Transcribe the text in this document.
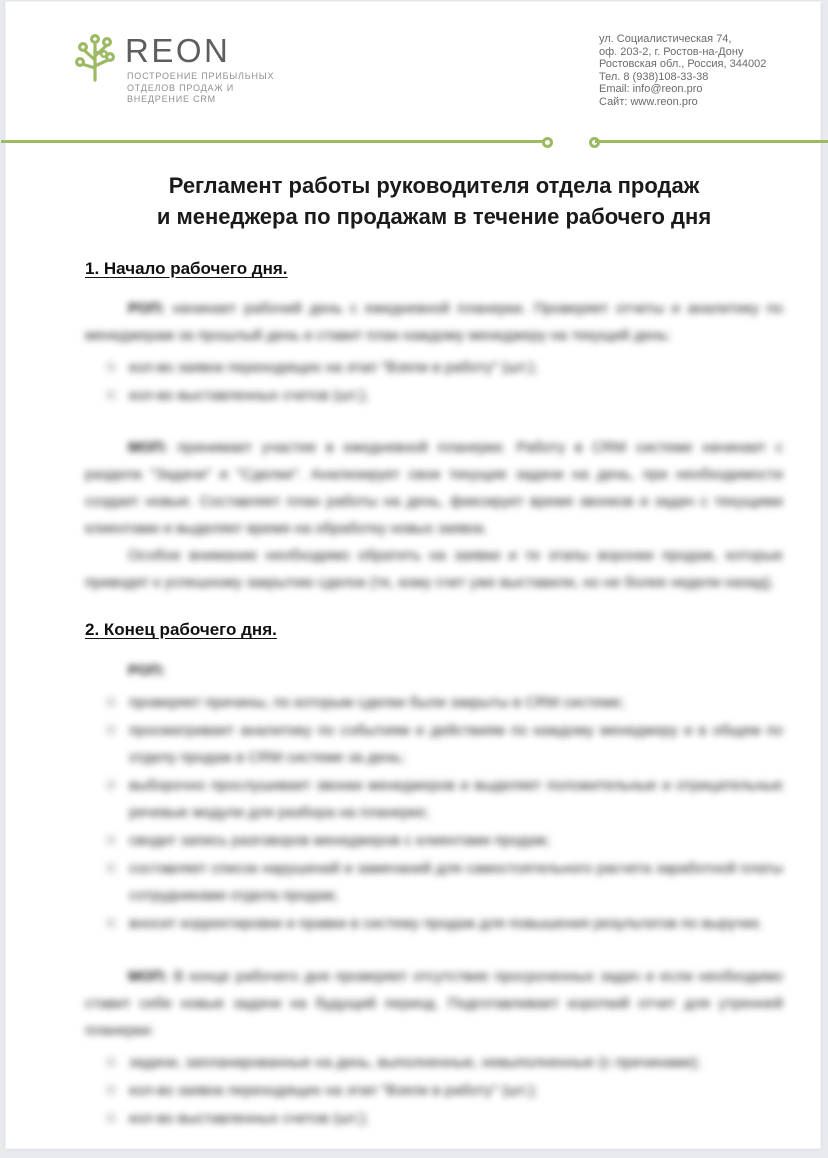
REON
ПОСТРОЕНИЕ ПРИБЫЛЬНЫХ
ОТДЕЛОВ ПРОДАЖ И
ВНЕДРЕНИЕ CRM
ул. Социалистическая 74,
оф. 203-2, г. Ростов-на-Дону
Ростовская обл., Россия, 344002
Тел. 8 (938)108-33-38
Email: info@reon.pro
Сайт: www.reon.pro
Регламент работы руководителя отдела продаж
и менеджера по продажам в течение рабочего дня
1. Начало рабочего дня.

РОП: начинает рабочий день с ежедневной планерки. Проверяет отчеты и аналитику по менеджерам за прошлый день и ставит план каждому менеджеру на текущий день:

кол-во заявок переходящих на этап "Взяли в работу" (шт.);
кол-во выставленных счетов (шт.);

МОП: принимает участие в ежедневной планерке. Работу в CRM системе начинает с раздела "Задачи" и "Сделки". Анализирует свои текущие задачи на день, при необходимости создает новые. Составляет план работы на день, фиксирует время звонков и задач с текущими клиентами и выделяет время на обработку новых заявок.

Особое внимание необходимо обратить на заявки и те этапы воронки продаж, которые приводят к успешному закрытию сделок (те, кому счет уже выставили, но не более недели назад).

2. Конец рабочего дня.

РОП:

проверяет причины, по которым сделки были закрыты в CRM системе;
просматривает аналитику по событиям и действиям по каждому менеджеру и в общем по отделу продаж в CRM системе за день;
выборочно прослушивает звонки менеджеров и выделяет положительные и отрицательные речевые модули для разбора на планерке;
сводит запись разговоров менеджеров с клиентами продаж;
составляет список нарушений и замечаний для самостоятельного расчета заработной платы сотрудниками отдела продаж;
вносит корректировки и правки в систему продаж для повышения результатов по выручке.

МОП: В конце рабочего дня проверяет отсутствие просроченных задач и если необходимо ставит себе новые задачи на будущий период. Подготавливает короткий отчет для утренней планерки:

задачи, запланированные на день, выполненные, невыполненные (с причинами);
кол-во заявок переходящих на этап "Взяли в работу" (шт.);
кол-во выставленных счетов (шт.);
